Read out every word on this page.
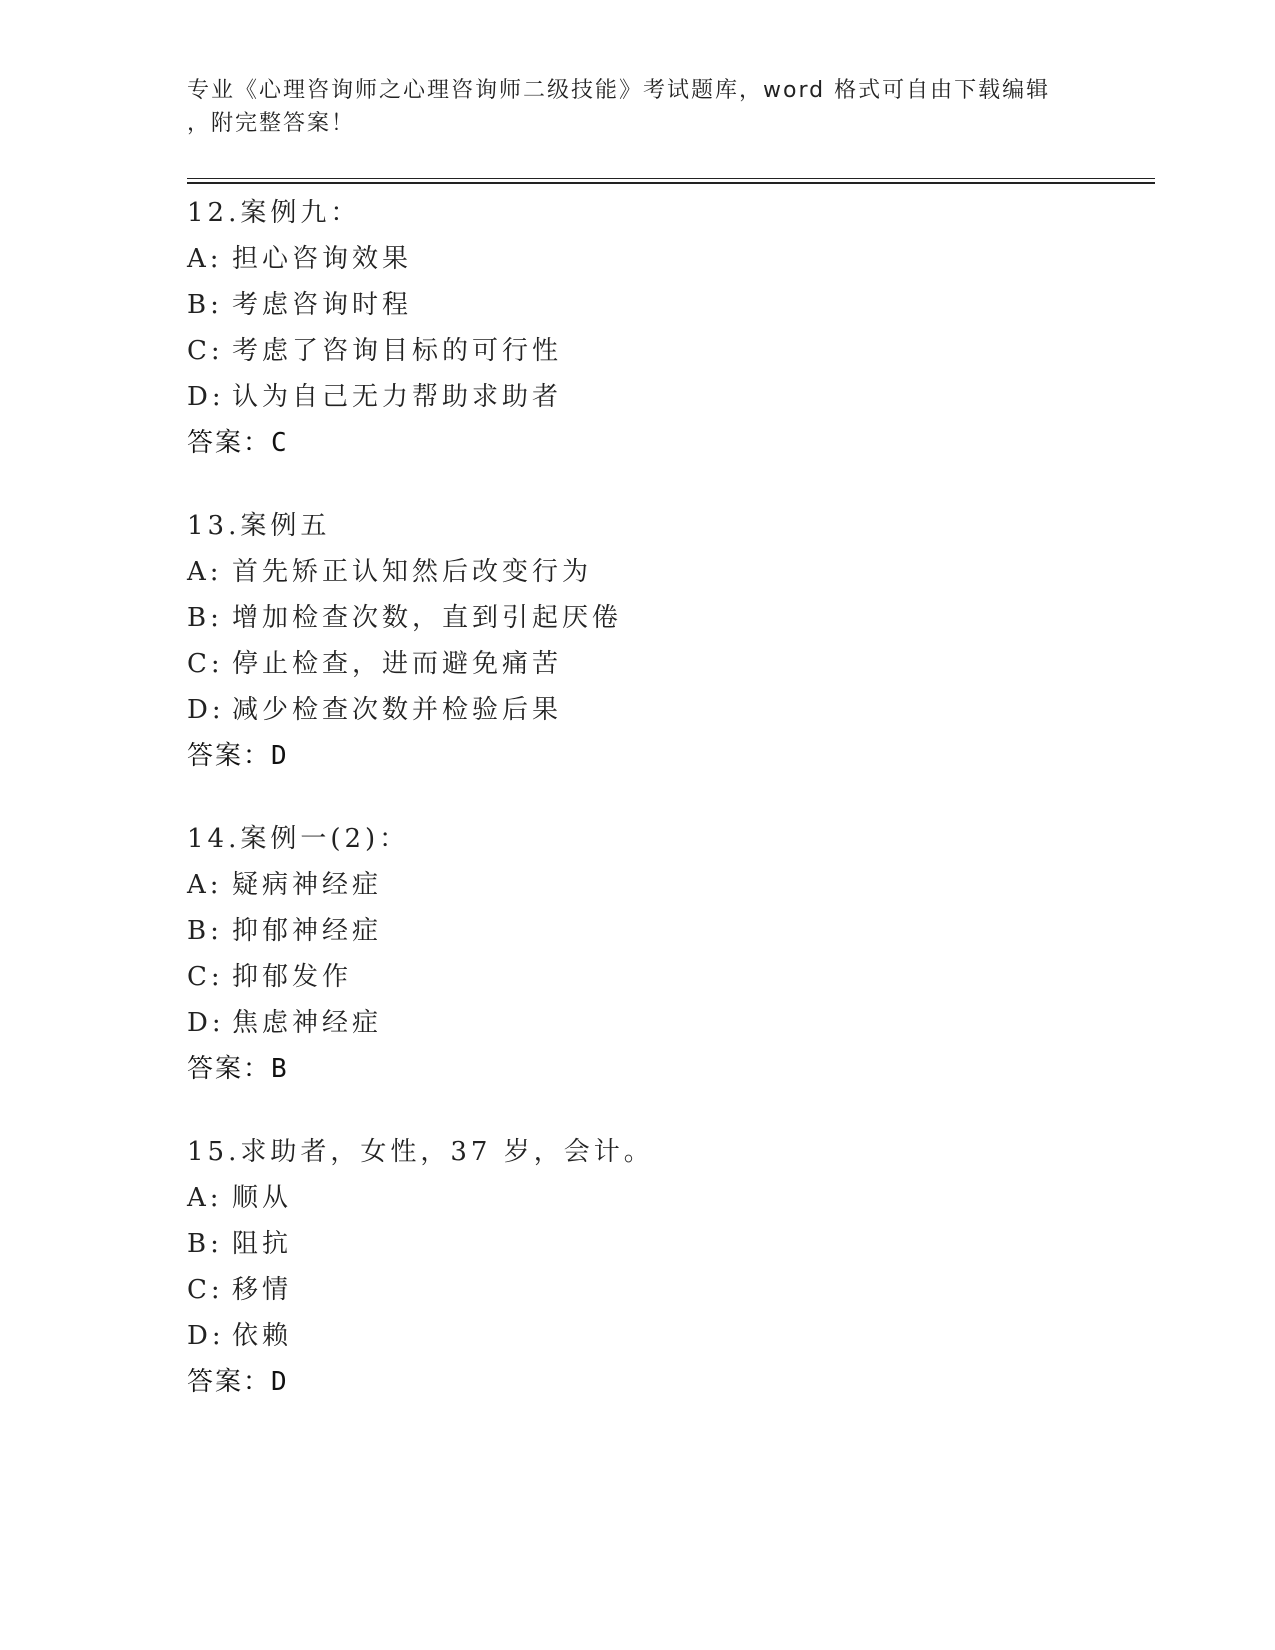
专业《心理咨询师之心理咨询师二级技能》考试题库，word 格式可自由下载编辑
，附完整答案！
12.案例九：
A: 担心咨询效果
B: 考虑咨询时程
C: 考虑了咨询目标的可行性
D: 认为自己无力帮助求助者
答案：C
13.案例五
A: 首先矫正认知然后改变行为
B: 增加检查次数，直到引起厌倦
C: 停止检查，进而避免痛苦
D: 减少检查次数并检验后果
答案：D
14.案例一(2)：
A: 疑病神经症
B: 抑郁神经症
C: 抑郁发作
D: 焦虑神经症
答案：B
15.求助者，女性，37 岁，会计。
A: 顺从
B: 阻抗
C: 移情
D: 依赖
答案：D
